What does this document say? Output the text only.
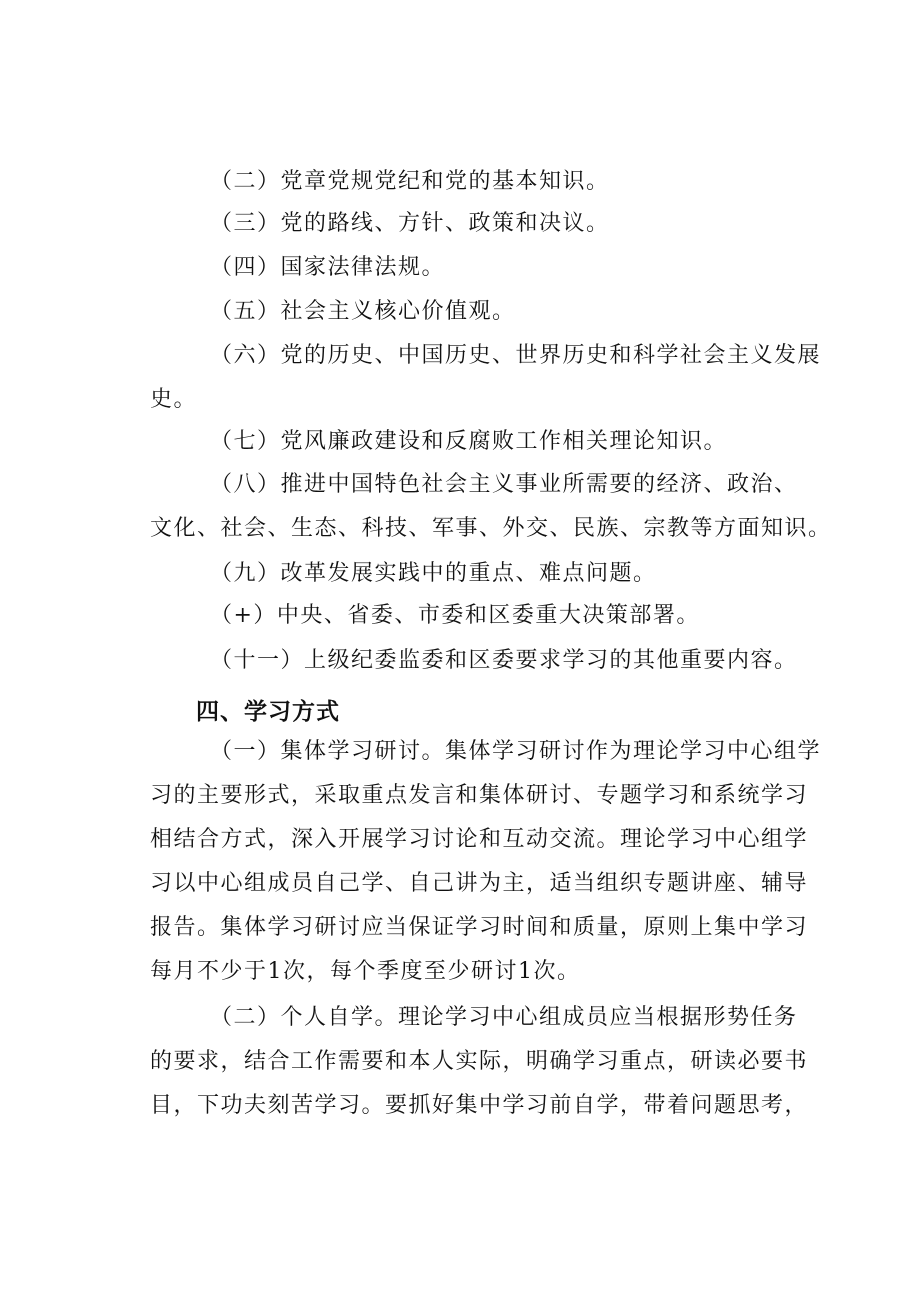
（二）党章党规党纪和党的基本知识。

（三）党的路线、方针、政策和决议。

（四）国家法律法规。

（五）社会主义核心价值观。

（六）党的历史、中国历史、世界历史和科学社会主义发展
史。

（七）党风廉政建设和反腐败工作相关理论知识。

（八）推进中国特色社会主义事业所需要的经济、政治、
文化、社会、生态、科技、军事、外交、民族、宗教等方面知识。

（九）改革发展实践中的重点、难点问题。

（+）中央、省委、市委和区委重大决策部署。

（十一）上级纪委监委和区委要求学习的其他重要内容。

四、学习方式

（一）集体学习研讨。集体学习研讨作为理论学习中心组学
习的主要形式，采取重点发言和集体研讨、专题学习和系统学习
相结合方式，深入开展学习讨论和互动交流。理论学习中心组学
习以中心组成员自己学、自己讲为主，适当组织专题讲座、辅导
报告。集体学习研讨应当保证学习时间和质量，原则上集中学习
每月不少于1次，每个季度至少研讨1次。

（二）个人自学。理论学习中心组成员应当根据形势任务
的要求，结合工作需要和本人实际，明确学习重点，研读必要书
目，下功夫刻苦学习。要抓好集中学习前自学，带着问题思考，
